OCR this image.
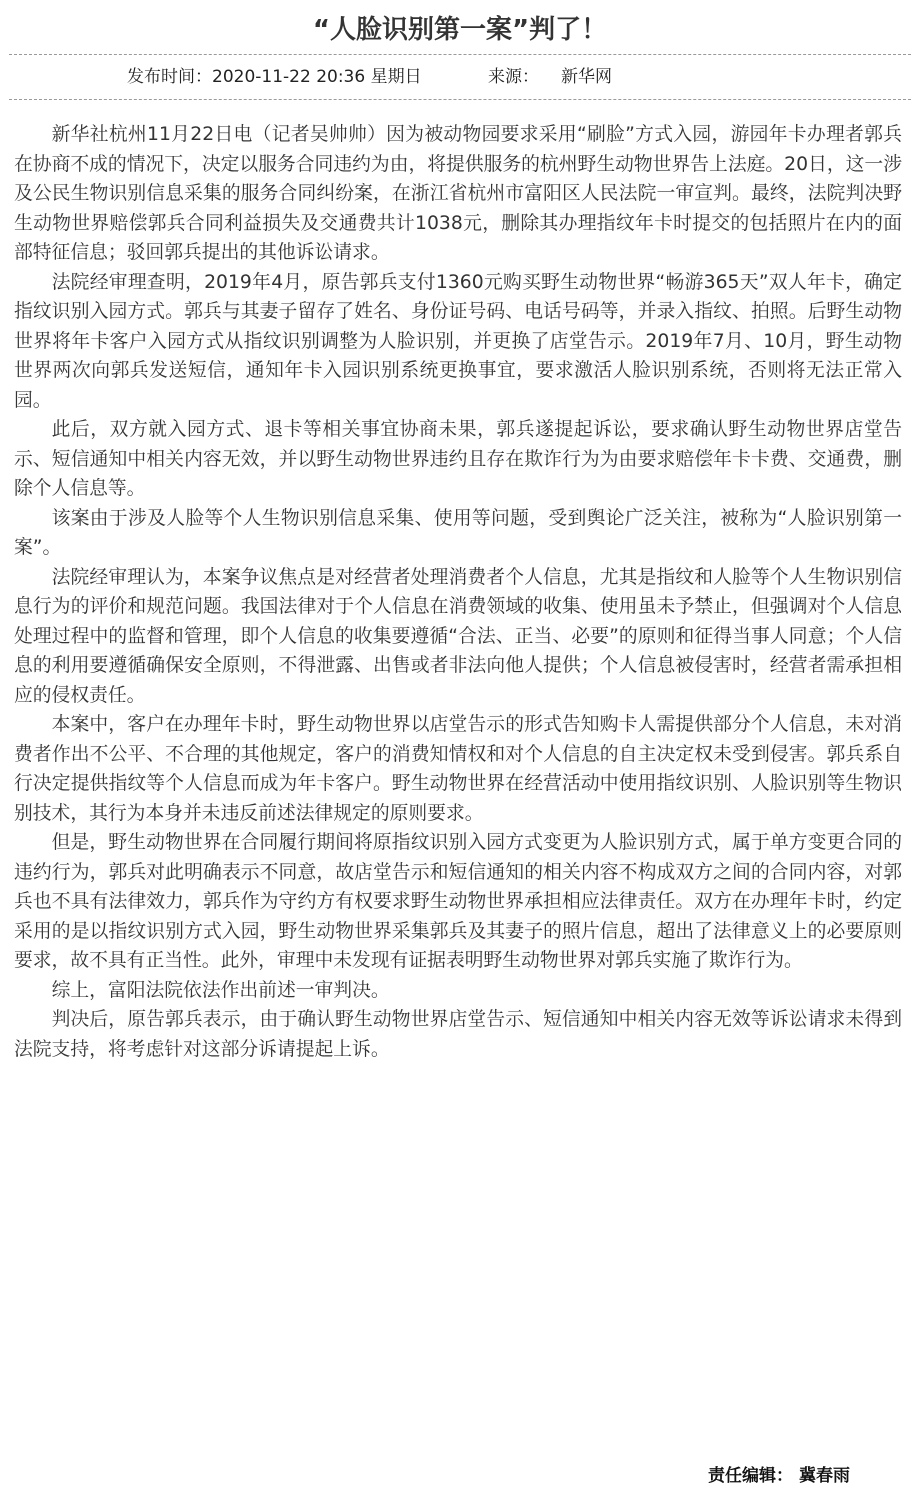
“人脸识别第一案”判了！
发布时间：2020-11-22 20:36 星期日	来源： 新华网

新华社杭州11月22日电（记者吴帅帅）因为被动物园要求采用“刷脸”方式入园，游园年卡办理者郭兵在协商不成的情况下，决定以服务合同违约为由，将提供服务的杭州野生动物世界告上法庭。20日，这一涉及公民生物识别信息采集的服务合同纠纷案，在浙江省杭州市富阳区人民法院一审宣判。最终，法院判决野生动物世界赔偿郭兵合同利益损失及交通费共计1038元，删除其办理指纹年卡时提交的包括照片在内的面部特征信息；驳回郭兵提出的其他诉讼请求。

法院经审理查明，2019年4月，原告郭兵支付1360元购买野生动物世界“畅游365天”双人年卡，确定指纹识别入园方式。郭兵与其妻子留存了姓名、身份证号码、电话号码等，并录入指纹、拍照。后野生动物世界将年卡客户入园方式从指纹识别调整为人脸识别，并更换了店堂告示。2019年7月、10月，野生动物世界两次向郭兵发送短信，通知年卡入园识别系统更换事宜，要求激活人脸识别系统，否则将无法正常入园。

此后，双方就入园方式、退卡等相关事宜协商未果，郭兵遂提起诉讼，要求确认野生动物世界店堂告示、短信通知中相关内容无效，并以野生动物世界违约且存在欺诈行为为由要求赔偿年卡卡费、交通费，删除个人信息等。

该案由于涉及人脸等个人生物识别信息采集、使用等问题，受到舆论广泛关注，被称为“人脸识别第一案”。

法院经审理认为，本案争议焦点是对经营者处理消费者个人信息，尤其是指纹和人脸等个人生物识别信息行为的评价和规范问题。我国法律对于个人信息在消费领域的收集、使用虽未予禁止，但强调对个人信息处理过程中的监督和管理，即个人信息的收集要遵循“合法、正当、必要”的原则和征得当事人同意；个人信息的利用要遵循确保安全原则，不得泄露、出售或者非法向他人提供；个人信息被侵害时，经营者需承担相应的侵权责任。

本案中，客户在办理年卡时，野生动物世界以店堂告示的形式告知购卡人需提供部分个人信息，未对消费者作出不公平、不合理的其他规定，客户的消费知情权和对个人信息的自主决定权未受到侵害。郭兵系自行决定提供指纹等个人信息而成为年卡客户。野生动物世界在经营活动中使用指纹识别、人脸识别等生物识别技术，其行为本身并未违反前述法律规定的原则要求。

但是，野生动物世界在合同履行期间将原指纹识别入园方式变更为人脸识别方式，属于单方变更合同的违约行为，郭兵对此明确表示不同意，故店堂告示和短信通知的相关内容不构成双方之间的合同内容，对郭兵也不具有法律效力，郭兵作为守约方有权要求野生动物世界承担相应法律责任。双方在办理年卡时，约定采用的是以指纹识别方式入园，野生动物世界采集郭兵及其妻子的照片信息，超出了法律意义上的必要原则要求，故不具有正当性。此外，审理中未发现有证据表明野生动物世界对郭兵实施了欺诈行为。

综上，富阳法院依法作出前述一审判决。

判决后，原告郭兵表示，由于确认野生动物世界店堂告示、短信通知中相关内容无效等诉讼请求未得到法院支持，将考虑针对这部分诉请提起上诉。

责任编辑： 冀春雨
